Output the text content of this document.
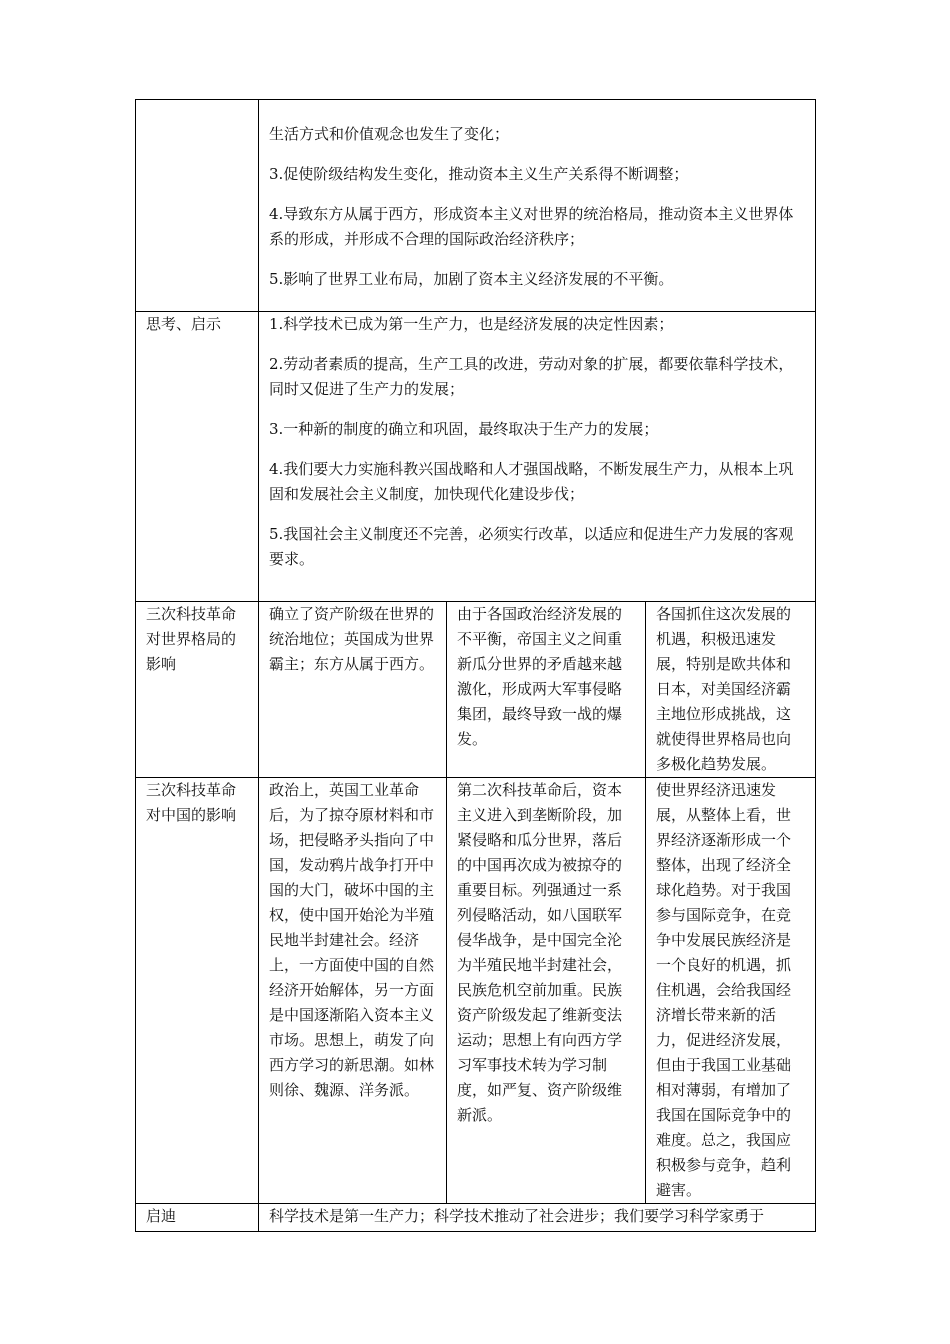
	生活方式和价值观念也发生了变化；

3.促使阶级结构发生变化，推动资本主义生产关系得不断调整；

4.导致东方从属于西方，形成资本主义对世界的统治格局，推动资本主义世界体系的形成，并形成不合理的国际政治经济秩序；

5.影响了世界工业布局，加剧了资本主义经济发展的不平衡。		

思考、启示	1.科学技术已成为第一生产力，也是经济发展的决定性因素；

2.劳动者素质的提高，生产工具的改进，劳动对象的扩展，都要依靠科学技术，同时又促进了生产力的发展；

3.一种新的制度的确立和巩固，最终取决于生产力的发展；

4.我们要大力实施科教兴国战略和人才强国战略，不断发展生产力，从根本上巩固和发展社会主义制度，加快现代化建设步伐；

5.我国社会主义制度还不完善，必须实行改革，以适应和促进生产力发展的客观要求。		

三次科技革命对世界格局的影响	确立了资产阶级在世界的统治地位；英国成为世界霸主；东方从属于西方。	由于各国政治经济发展的不平衡，帝国主义之间重新瓜分世界的矛盾越来越激化，形成两大军事侵略集团，最终导致一战的爆发。	各国抓住这次发展的机遇，积极迅速发展，特别是欧共体和日本，对美国经济霸主地位形成挑战，这就使得世界格局也向多极化趋势发展。
三次科技革命对中国的影响	政治上，英国工业革命后，为了掠夺原材料和市场，把侵略矛头指向了中国，发动鸦片战争打开中国的大门，破坏中国的主权，使中国开始沦为半殖民地半封建社会。经济上，一方面使中国的自然经济开始解体，另一方面是中国逐渐陷入资本主义市场。思想上，萌发了向西方学习的新思潮。如林则徐、魏源、洋务派。	第二次科技革命后，资本主义进入到垄断阶段，加紧侵略和瓜分世界，落后的中国再次成为被掠夺的重要目标。列强通过一系列侵略活动，如八国联军侵华战争，是中国完全沦为半殖民地半封建社会，民族危机空前加重。民族资产阶级发起了维新变法运动；思想上有向西方学习军事技术转为学习制度，如严复、资产阶级维新派。	使世界经济迅速发展，从整体上看，世界经济逐渐形成一个整体，出现了经济全球化趋势。对于我国参与国际竞争，在竞争中发展民族经济是一个良好的机遇，抓住机遇，会给我国经济增长带来新的活力，促进经济发展，但由于我国工业基础相对薄弱，有增加了我国在国际竞争中的难度。总之，我国应积极参与竞争，趋利避害。
启迪	科学技术是第一生产力；科学技术推动了社会进步；我们要学习科学家勇于		
